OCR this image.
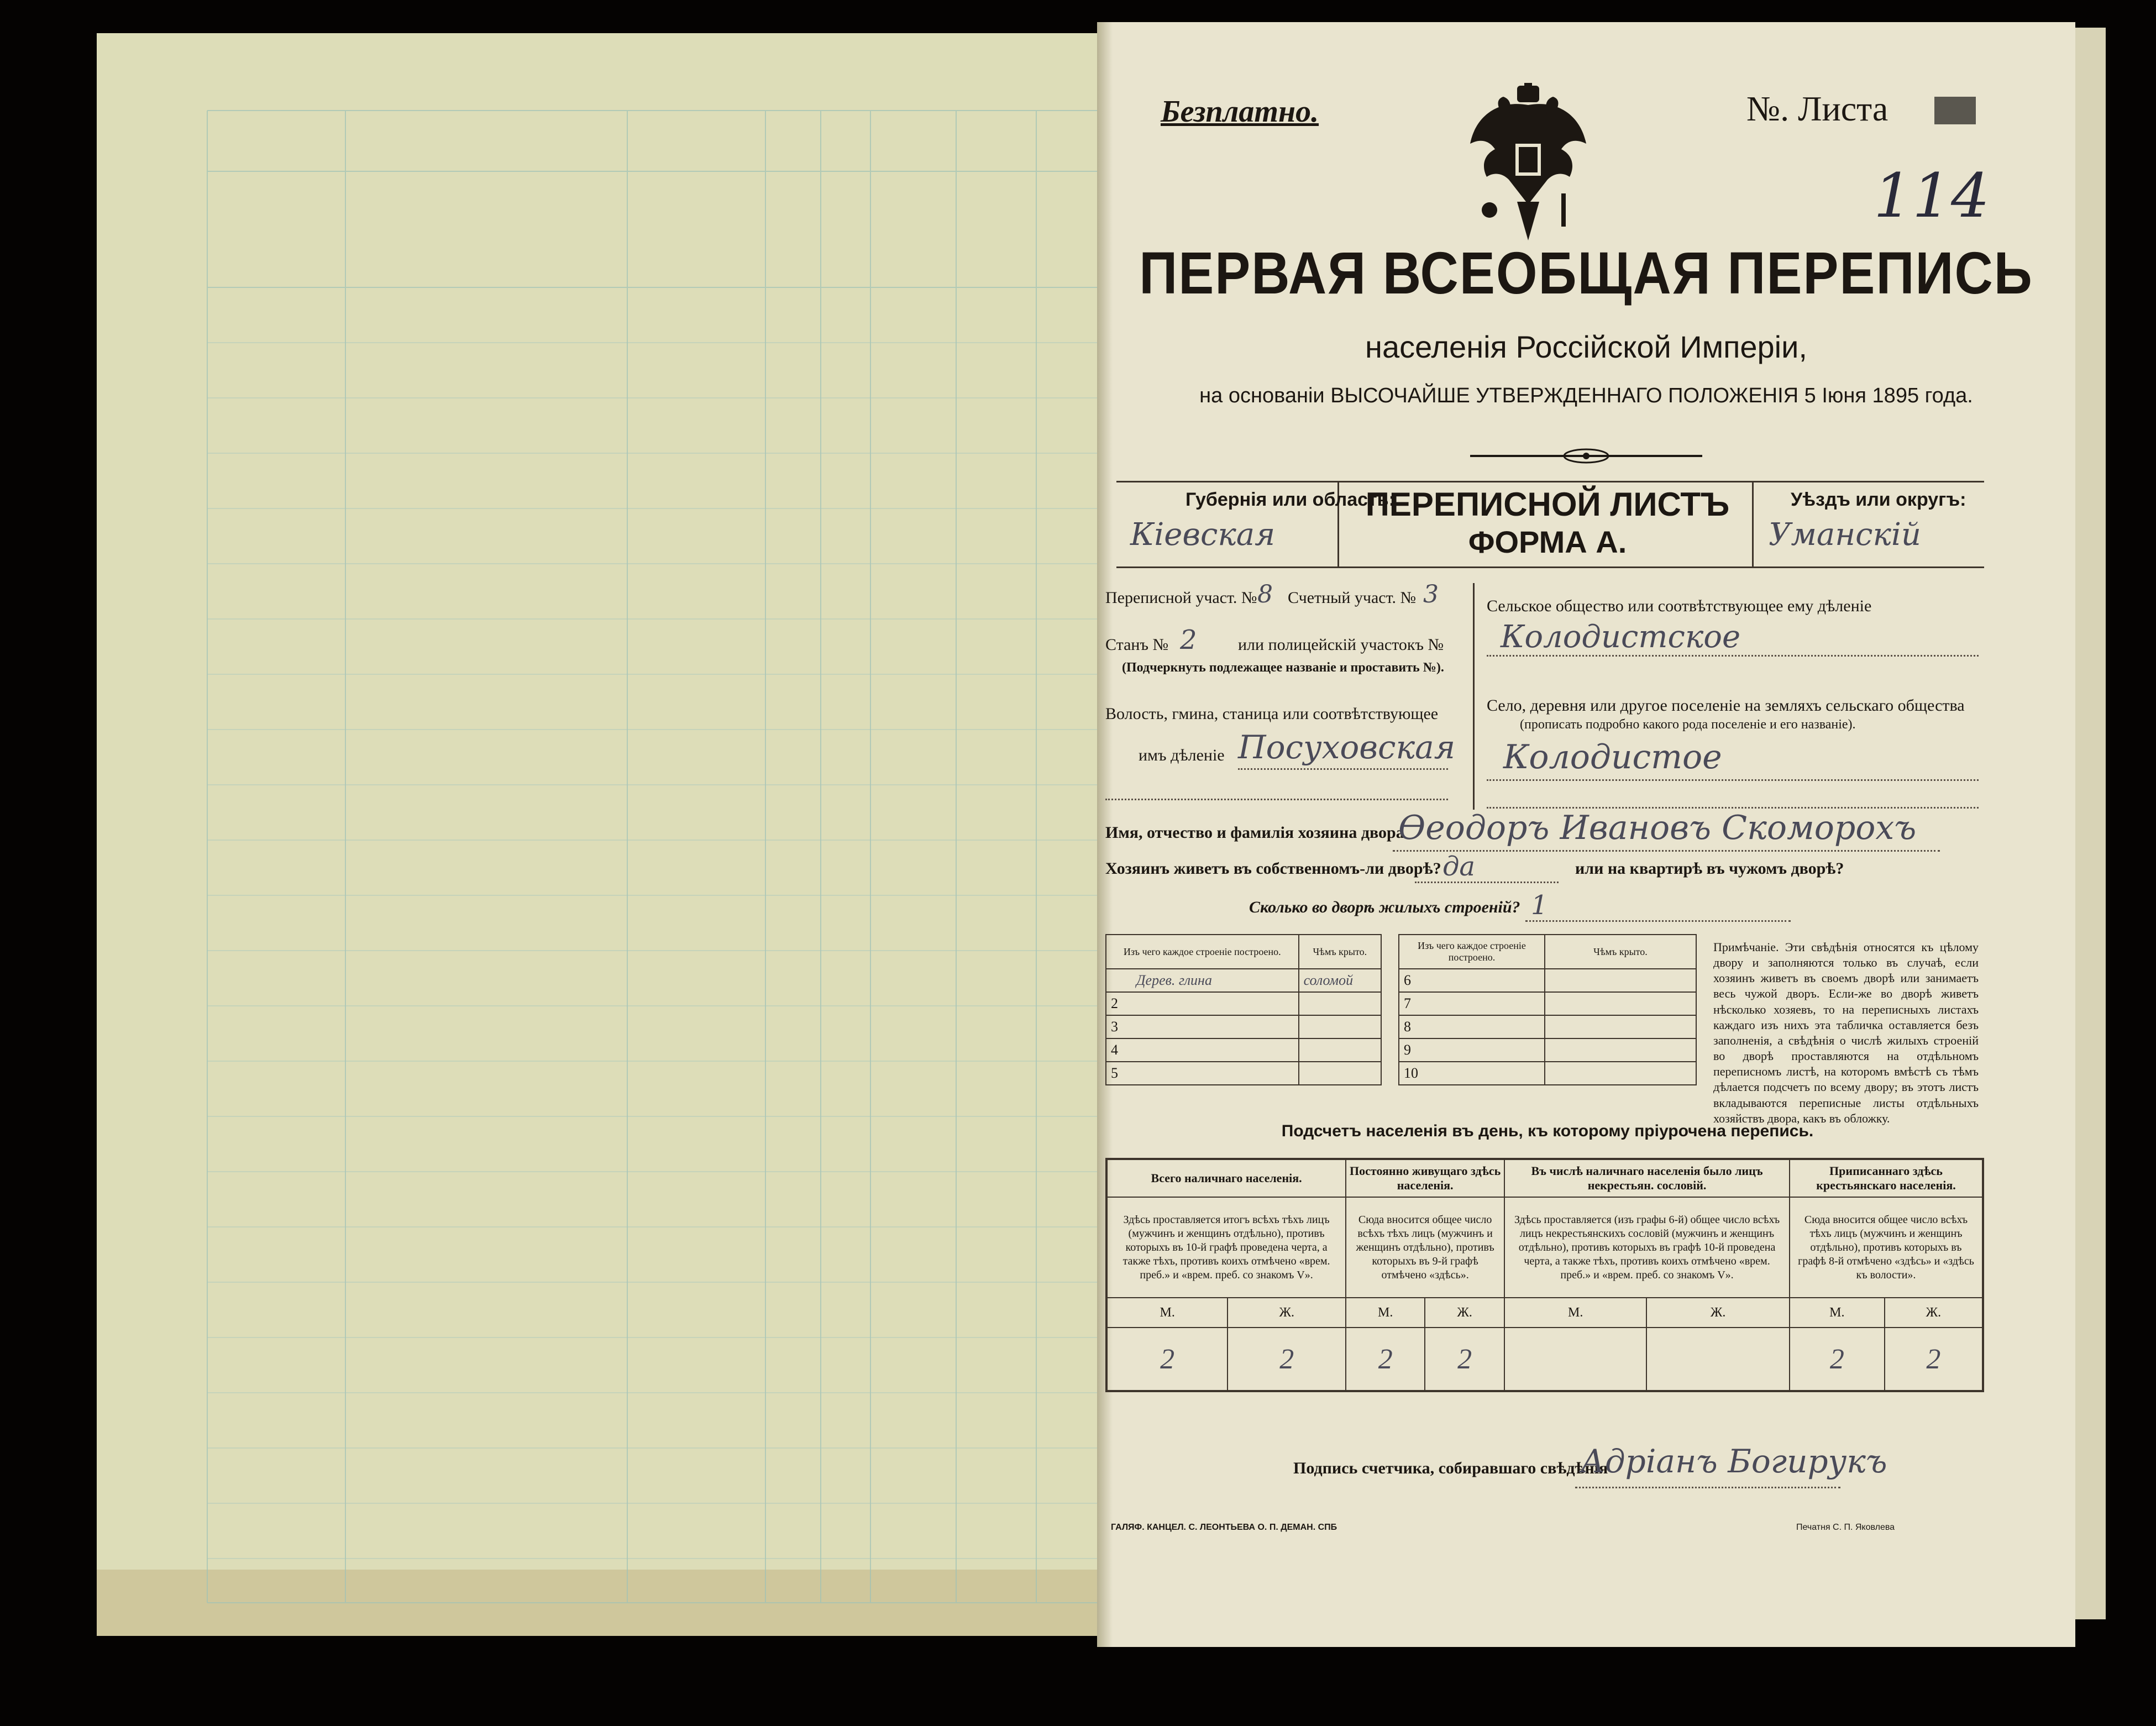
Безплатно.	№. Листа
114
ПЕРВАЯ ВСЕОБЩАЯ ПЕРЕПИСЬ
населенія Россійской Имперіи,
на основаніи ВЫСОЧАЙШЕ УТВЕРЖДЕННАГО ПОЛОЖЕНІЯ 5 Іюня 1895 года.
Губернія или область:
Кіевская
ПЕРЕПИСНОЙ ЛИСТЪ
ФОРМА А.
Уѣздъ или округъ:
Уманскій
Переписной участ. № 8 Счетный участ. № 3
Станъ № 2 или полицейскій участокъ №
(Подчеркнуть подлежащее названіе и проставить №).
Волость, гмина, станица или соотвѣтствующее
имъ дѣленіе Посуховская
Сельское общество или соотвѣтствующее ему дѣленіе
Колодистское
Село, деревня или другое поселеніе на земляхъ сельскаго общества
(прописать подробно какого рода поселеніе и его названіе).
Колодистое
Имя, отчество и фамилія хозяина двора
Ѳеодоръ Ивановъ Скоморохъ
Хозяинъ живетъ въ собственномъ-ли дворѣ? да	или на квартирѣ въ чужомъ дворѣ?
Сколько во дворѣ жилыхъ строеній? 1
Изъ чего каждое строеніе построено.		Чѣмъ крыто.
	Дерев. глина	соломой
2		
3		
4		
5		
Изъ чего каждое строеніе построено.	Чѣмъ крыто.
6	
7	
8	
9	
10	
Примѣчаніе. Эти свѣдѣнія относятся къ цѣлому двору и заполняются только въ случаѣ, если хозяинъ живетъ въ своемъ дворѣ или занимаетъ весь чужой дворъ. Если-же во дворѣ живетъ нѣсколько хозяевъ, то на переписныхъ листахъ каждаго изъ нихъ эта табличка оставляется безъ заполненія, а свѣдѣнія о числѣ жилыхъ строеній во дворѣ проставляются на отдѣльномъ переписномъ листѣ, на которомъ вмѣстѣ съ тѣмъ дѣлается подсчетъ по всему двору; въ этотъ листъ вкладываются переписные листы отдѣльныхъ хозяйствъ двора, какъ въ обложку.
Подсчетъ населенія въ день, къ которому пріурочена перепись.
Всего наличнаго населенія.		Постоянно живущаго здѣсь населенія.		Въ числѣ наличнаго населенія было лицъ некрестьян. сословій.		Приписаннаго здѣсь крестьянскаго населенія.	
Здѣсь проставляется итогъ всѣхъ тѣхъ лицъ (мужчинъ и женщинъ отдѣльно), противъ которыхъ въ 10-й графѣ проведена черта, а также тѣхъ, противъ коихъ отмѣчено «врем. преб.» и «врем. преб. со знакомъ V».		Сюда вносится общее число всѣхъ тѣхъ лицъ (мужчинъ и женщинъ отдѣльно), противъ которыхъ въ 9-й графѣ отмѣчено «здѣсь».		Здѣсь проставляется (изъ графы 6-й) общее число всѣхъ лицъ некрестьянскихъ сословій (мужчинъ и женщинъ отдѣльно), противъ которыхъ въ графѣ 10-й проведена черта, а также тѣхъ, противъ коихъ отмѣчено «врем. преб.» и «врем. преб. со знакомъ V».		Сюда вносится общее число всѣхъ тѣхъ лицъ (мужчинъ и женщинъ отдѣльно), противъ которыхъ въ графѣ 8-й отмѣчено «здѣсь» и «здѣсь къ волости».	
М.	Ж.	М.	Ж.	М.	Ж.	М.	Ж.
2	2	2	2			2	2
Подпись счетчика, собиравшаго свѣдѣнія
Адріанъ Богирукъ
ГАЛЯФ. КАНЦЕЛ. С. ЛЕОНТЬЕВА О. П. ДЕМАН. СПБ	Печатня С. П. Яковлева
